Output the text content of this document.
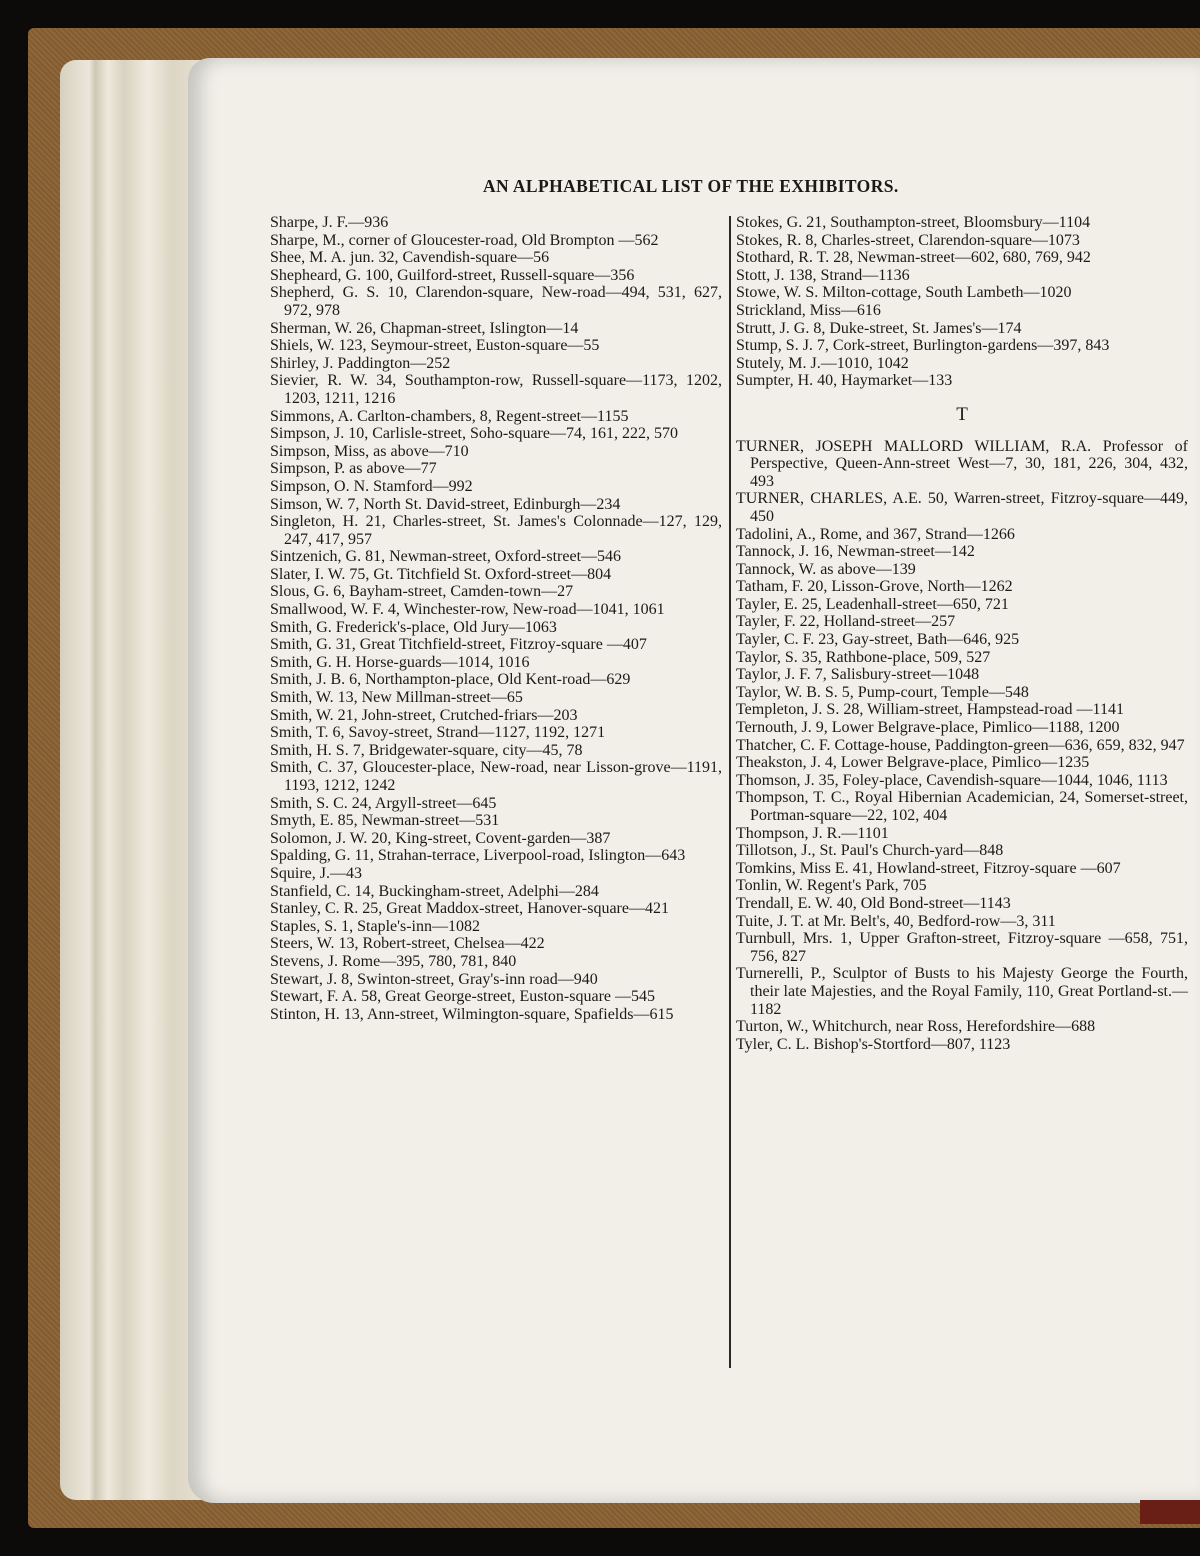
AN ALPHABETICAL LIST OF THE EXHIBITORS.

Sharpe, J. F.—936

Sharpe, M., corner of Gloucester-road, Old Brompton —562

Shee, M. A. jun. 32, Cavendish-square—56

Shepheard, G. 100, Guilford-street, Russell-square—356

Shepherd, G. S. 10, Clarendon-square, New-road—494, 531, 627, 972, 978

Sherman, W. 26, Chapman-street, Islington—14

Shiels, W. 123, Seymour-street, Euston-square—55

Shirley, J. Paddington—252

Sievier, R. W. 34, Southampton-row, Russell-square—1173, 1202, 1203, 1211, 1216

Simmons, A. Carlton-chambers, 8, Regent-street—1155

Simpson, J. 10, Carlisle-street, Soho-square—74, 161, 222, 570

Simpson, Miss, as above—710

Simpson, P. as above—77

Simpson, O. N. Stamford—992

Simson, W. 7, North St. David-street, Edinburgh—234

Singleton, H. 21, Charles-street, St. James's Colonnade—127, 129, 247, 417, 957

Sintzenich, G. 81, Newman-street, Oxford-street—546

Slater, I. W. 75, Gt. Titchfield St. Oxford-street—804

Slous, G. 6, Bayham-street, Camden-town—27

Smallwood, W. F. 4, Winchester-row, New-road—1041, 1061

Smith, G. Frederick's-place, Old Jury—1063

Smith, G. 31, Great Titchfield-street, Fitzroy-square —407

Smith, G. H. Horse-guards—1014, 1016

Smith, J. B. 6, Northampton-place, Old Kent-road—629

Smith, W. 13, New Millman-street—65

Smith, W. 21, John-street, Crutched-friars—203

Smith, T. 6, Savoy-street, Strand—1127, 1192, 1271

Smith, H. S. 7, Bridgewater-square, city—45, 78

Smith, C. 37, Gloucester-place, New-road, near Lisson-grove—1191, 1193, 1212, 1242

Smith, S. C. 24, Argyll-street—645

Smyth, E. 85, Newman-street—531

Solomon, J. W. 20, King-street, Covent-garden—387

Spalding, G. 11, Strahan-terrace, Liverpool-road, Islington—643

Squire, J.—43

Stanfield, C. 14, Buckingham-street, Adelphi—284

Stanley, C. R. 25, Great Maddox-street, Hanover-square—421

Staples, S. 1, Staple's-inn—1082

Steers, W. 13, Robert-street, Chelsea—422

Stevens, J. Rome—395, 780, 781, 840

Stewart, J. 8, Swinton-street, Gray's-inn road—940

Stewart, F. A. 58, Great George-street, Euston-square —545

Stinton, H. 13, Ann-street, Wilmington-square, Spafields—615

Stokes, G. 21, Southampton-street, Bloomsbury—1104

Stokes, R. 8, Charles-street, Clarendon-square—1073

Stothard, R. T. 28, Newman-street—602, 680, 769, 942

Stott, J. 138, Strand—1136

Stowe, W. S. Milton-cottage, South Lambeth—1020

Strickland, Miss—616

Strutt, J. G. 8, Duke-street, St. James's—174

Stump, S. J. 7, Cork-street, Burlington-gardens—397, 843

Stutely, M. J.—1010, 1042

Sumpter, H. 40, Haymarket—133

T

TURNER, JOSEPH MALLORD WILLIAM, R.A. Professor of Perspective, Queen-Ann-street West—7, 30, 181, 226, 304, 432, 493

TURNER, CHARLES, A.E. 50, Warren-street, Fitzroy-square—449, 450

Tadolini, A., Rome, and 367, Strand—1266

Tannock, J. 16, Newman-street—142

Tannock, W. as above—139

Tatham, F. 20, Lisson-Grove, North—1262

Tayler, E. 25, Leadenhall-street—650, 721

Tayler, F. 22, Holland-street—257

Tayler, C. F. 23, Gay-street, Bath—646, 925

Taylor, S. 35, Rathbone-place, 509, 527

Taylor, J. F. 7, Salisbury-street—1048

Taylor, W. B. S. 5, Pump-court, Temple—548

Templeton, J. S. 28, William-street, Hampstead-road —1141

Ternouth, J. 9, Lower Belgrave-place, Pimlico—1188, 1200

Thatcher, C. F. Cottage-house, Paddington-green—636, 659, 832, 947

Theakston, J. 4, Lower Belgrave-place, Pimlico—1235

Thomson, J. 35, Foley-place, Cavendish-square—1044, 1046, 1113

Thompson, T. C., Royal Hibernian Academician, 24, Somerset-street, Portman-square—22, 102, 404

Thompson, J. R.—1101

Tillotson, J., St. Paul's Church-yard—848

Tomkins, Miss E. 41, Howland-street, Fitzroy-square —607

Tonlin, W. Regent's Park, 705

Trendall, E. W. 40, Old Bond-street—1143

Tuite, J. T. at Mr. Belt's, 40, Bedford-row—3, 311

Turnbull, Mrs. 1, Upper Grafton-street, Fitzroy-square —658, 751, 756, 827

Turnerelli, P., Sculptor of Busts to his Majesty George the Fourth, their late Majesties, and the Royal Family, 110, Great Portland-st.—1182

Turton, W., Whitchurch, near Ross, Herefordshire—688

Tyler, C. L. Bishop's-Stortford—807, 1123
